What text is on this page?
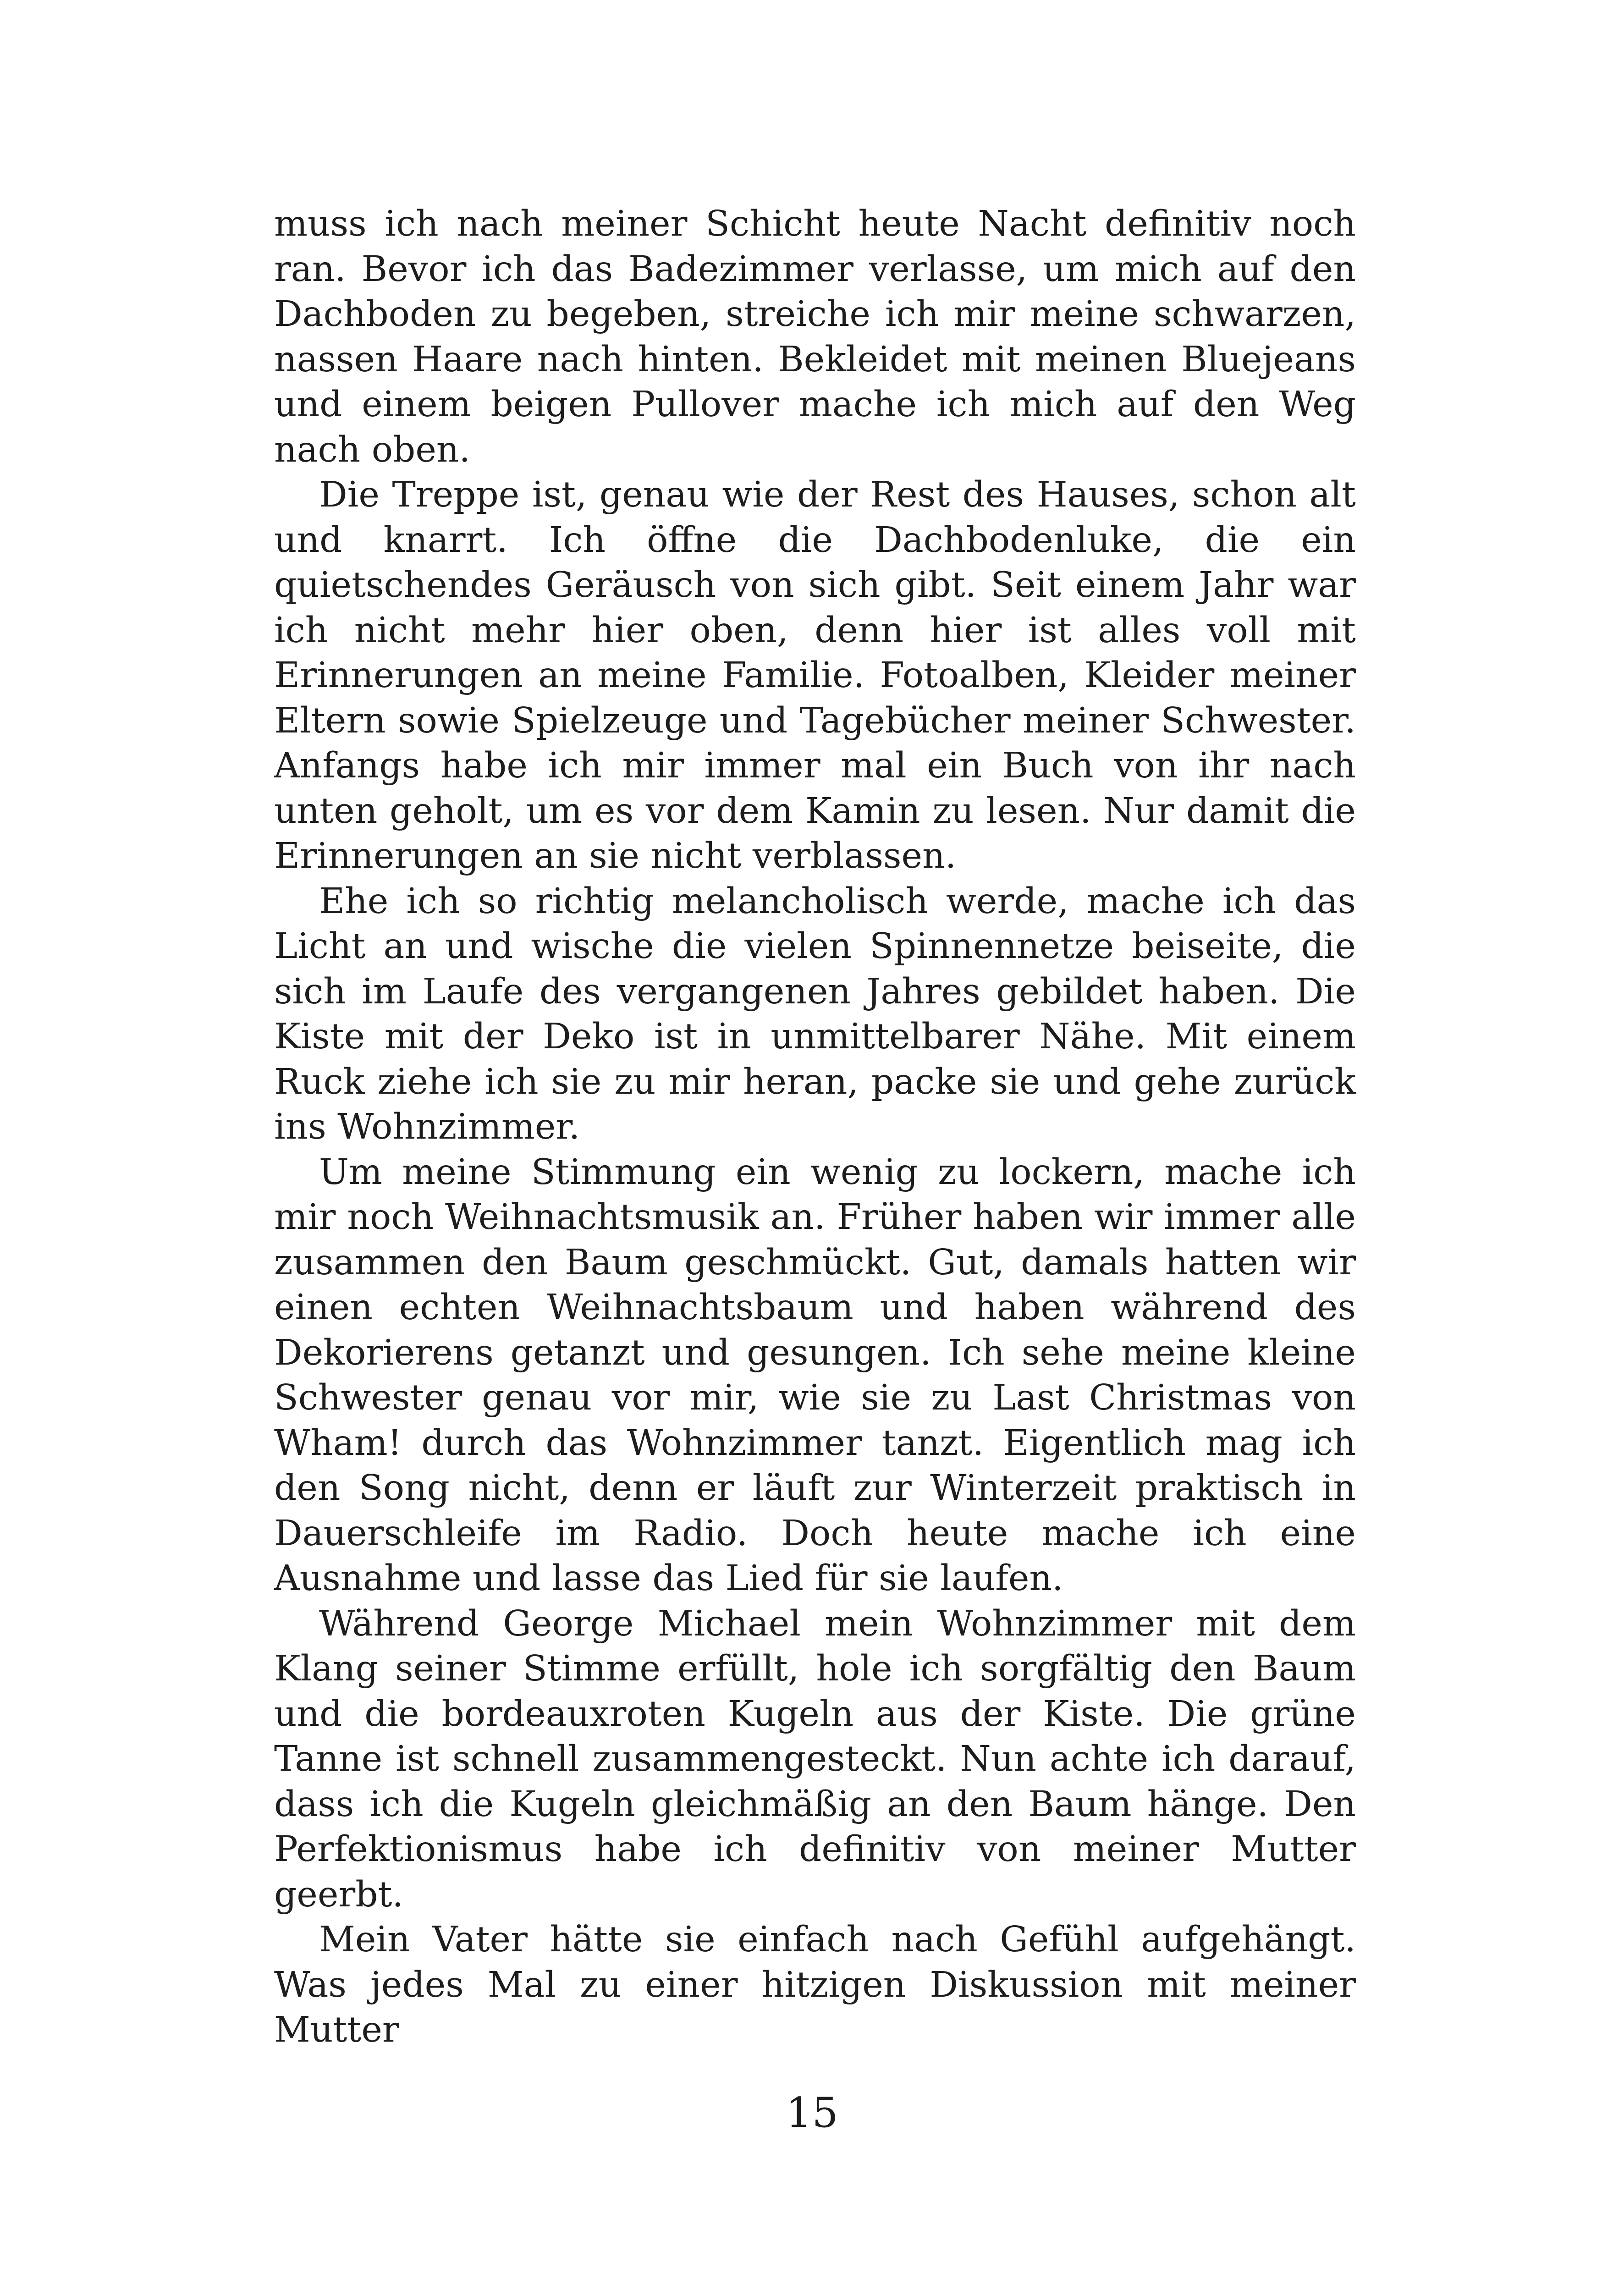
muss ich nach meiner Schicht heute Nacht definitiv noch ran. Bevor ich das Badezimmer verlasse, um mich auf den Dachboden zu begeben, streiche ich mir meine schwarzen, nassen Haare nach hinten. Bekleidet mit meinen Bluejeans und einem beigen Pullover mache ich mich auf den Weg nach oben.

Die Treppe ist, genau wie der Rest des Hauses, schon alt und knarrt. Ich öffne die Dachbodenluke, die ein quietschendes Geräusch von sich gibt. Seit einem Jahr war ich nicht mehr hier oben, denn hier ist alles voll mit Erinnerungen an meine Familie. Fotoalben, Kleider meiner Eltern sowie Spielzeuge und Tagebücher meiner Schwester. Anfangs habe ich mir immer mal ein Buch von ihr nach unten geholt, um es vor dem Kamin zu lesen. Nur damit die Erinnerungen an sie nicht verblassen.

Ehe ich so richtig melancholisch werde, mache ich das Licht an und wische die vielen Spinnennetze beiseite, die sich im Laufe des vergangenen Jahres gebildet haben. Die Kiste mit der Deko ist in unmittelbarer Nähe. Mit einem Ruck ziehe ich sie zu mir heran, packe sie und gehe zurück ins Wohnzimmer.

Um meine Stimmung ein wenig zu lockern, mache ich mir noch Weihnachtsmusik an. Früher haben wir immer alle zusammen den Baum geschmückt. Gut, damals hatten wir einen echten Weihnachtsbaum und haben während des Dekorierens getanzt und gesungen. Ich sehe meine kleine Schwester genau vor mir, wie sie zu Last Christmas von Wham! durch das Wohnzimmer tanzt. Eigentlich mag ich den Song nicht, denn er läuft zur Winterzeit praktisch in Dauerschleife im Radio. Doch heute mache ich eine Ausnahme und lasse das Lied für sie laufen.

Während George Michael mein Wohnzimmer mit dem Klang seiner Stimme erfüllt, hole ich sorgfältig den Baum und die bordeauxroten Kugeln aus der Kiste. Die grüne Tanne ist schnell zusammengesteckt. Nun achte ich darauf, dass ich die Kugeln gleichmäßig an den Baum hänge. Den Perfektionismus habe ich definitiv von meiner Mutter geerbt.

Mein Vater hätte sie einfach nach Gefühl aufgehängt. Was jedes Mal zu einer hitzigen Diskussion mit meiner Mutter

15
